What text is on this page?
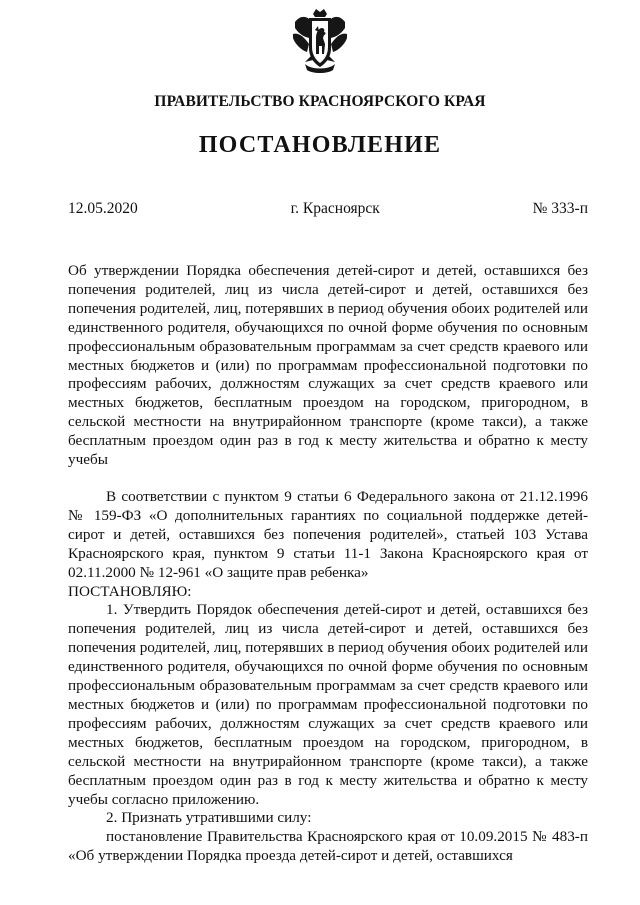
ПРАВИТЕЛЬСТВО КРАСНОЯРСКОГО КРАЯ
ПОСТАНОВЛЕНИЕ
12.05.2020	г. Красноярск	№ 333-п
Об утверждении Порядка обеспечения детей-сирот и детей, оставшихся без попечения родителей, лиц из числа детей-сирот и детей, оставшихся без попечения родителей, лиц, потерявших в период обучения обоих родителей или единственного родителя, обучающихся по очной форме обучения по основным профессиональным образовательным программам за счет средств краевого или местных бюджетов и (или) по программам профессиональной подготовки по профессиям рабочих, должностям служащих за счет средств краевого или местных бюджетов, бесплатным проездом на городском, пригородном, в сельской местности на внутрирайонном транспорте (кроме такси), а также бесплатным проездом один раз в год к месту жительства и обратно к месту учебы

В соответствии с пунктом 9 статьи 6 Федерального закона от 21.12.1996 № 159-ФЗ «О дополнительных гарантиях по социальной поддержке детей-сирот и детей, оставшихся без попечения родителей», статьей 103 Устава Красноярского края, пунктом 9 статьи 11-1 Закона Красноярского края от 02.11.2000 № 12-961 «О защите прав ребенка»
ПОСТАНОВЛЯЮ:

1. Утвердить Порядок обеспечения детей-сирот и детей, оставшихся без попечения родителей, лиц из числа детей-сирот и детей, оставшихся без попечения родителей, лиц, потерявших в период обучения обоих родителей или единственного родителя, обучающихся по очной форме обучения по основным профессиональным образовательным программам за счет средств краевого или местных бюджетов и (или) по программам профессиональной подготовки по профессиям рабочих, должностям служащих за счет средств краевого или местных бюджетов, бесплатным проездом на городском, пригородном, в сельской местности на внутрирайонном транспорте (кроме такси), а также бесплатным проездом один раз в год к месту жительства и обратно к месту учебы согласно приложению.

2. Признать утратившими силу:

постановление Правительства Красноярского края от 10.09.2015 № 483-п «Об утверждении Порядка проезда детей-сирот и детей, оставшихся
